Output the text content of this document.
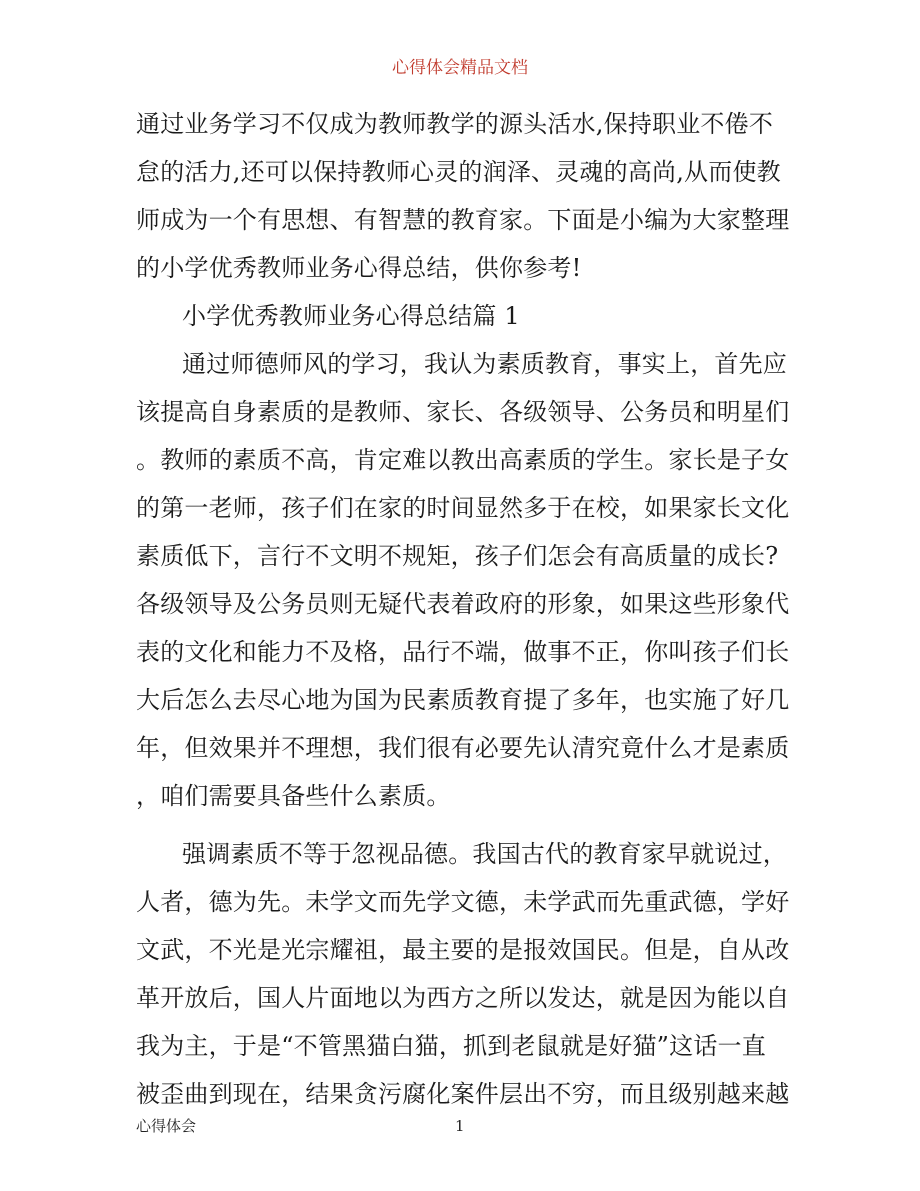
心得体会精品文档
通过业务学习不仅成为教师教学的源头活水,保持职业不倦不
怠的活力,还可以保持教师心灵的润泽、灵魂的高尚,从而使教
师成为一个有思想、有智慧的教育家。下面是小编为大家整理
的小学优秀教师业务心得总结，供你参考!
小学优秀教师业务心得总结篇 1
通过师德师风的学习，我认为素质教育，事实上，首先应
该提高自身素质的是教师、家长、各级领导、公务员和明星们
。教师的素质不高，肯定难以教出高素质的学生。家长是子女
的第一老师，孩子们在家的时间显然多于在校，如果家长文化
素质低下，言行不文明不规矩，孩子们怎会有高质量的成长?
各级领导及公务员则无疑代表着政府的形象，如果这些形象代
表的文化和能力不及格，品行不端，做事不正，你叫孩子们长
大后怎么去尽心地为国为民素质教育提了多年，也实施了好几
年，但效果并不理想，我们很有必要先认清究竟什么才是素质
，咱们需要具备些什么素质。
强调素质不等于忽视品德。我国古代的教育家早就说过，
人者，德为先。未学文而先学文德，未学武而先重武德，学好
文武，不光是光宗耀祖，最主要的是报效国民。但是，自从改
革开放后，国人片面地以为西方之所以发达，就是因为能以自
我为主，于是“不管黑猫白猫，抓到老鼠就是好猫”这话一直
被歪曲到现在，结果贪污腐化案件层出不穷，而且级别越来越
心得体会	1
